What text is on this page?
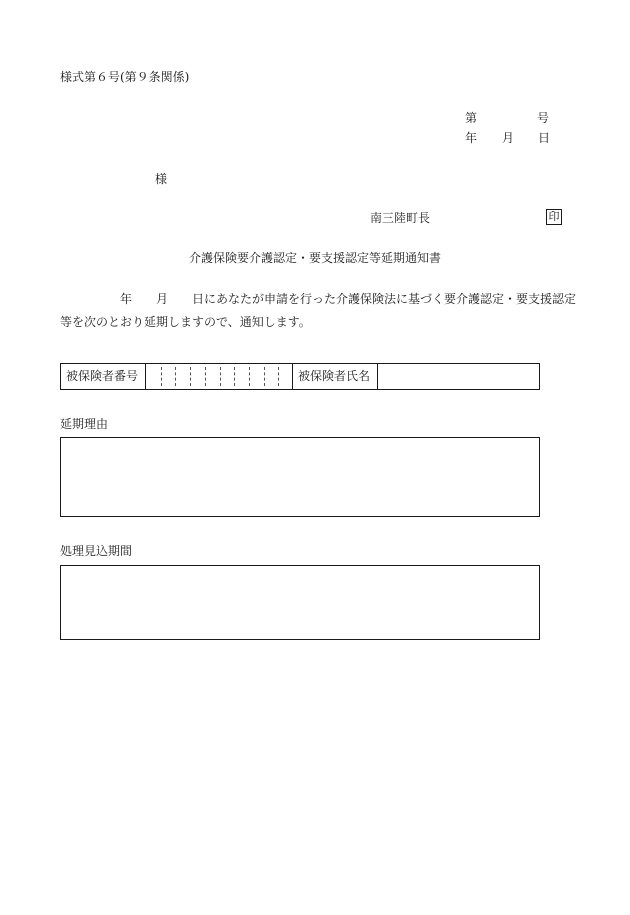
様式第６号(第９条関係)
第	号
年 月 日
様
南三陸町長	印
介護保険要介護認定・要支援認定等延期通知書
年 月 日にあなたが申請を行った介護保険法に基づく要介護認定・要支援認定
等を次のとおり延期しますので、通知します。
被保険者番号	被保険者氏名
延期理由
処理見込期間
